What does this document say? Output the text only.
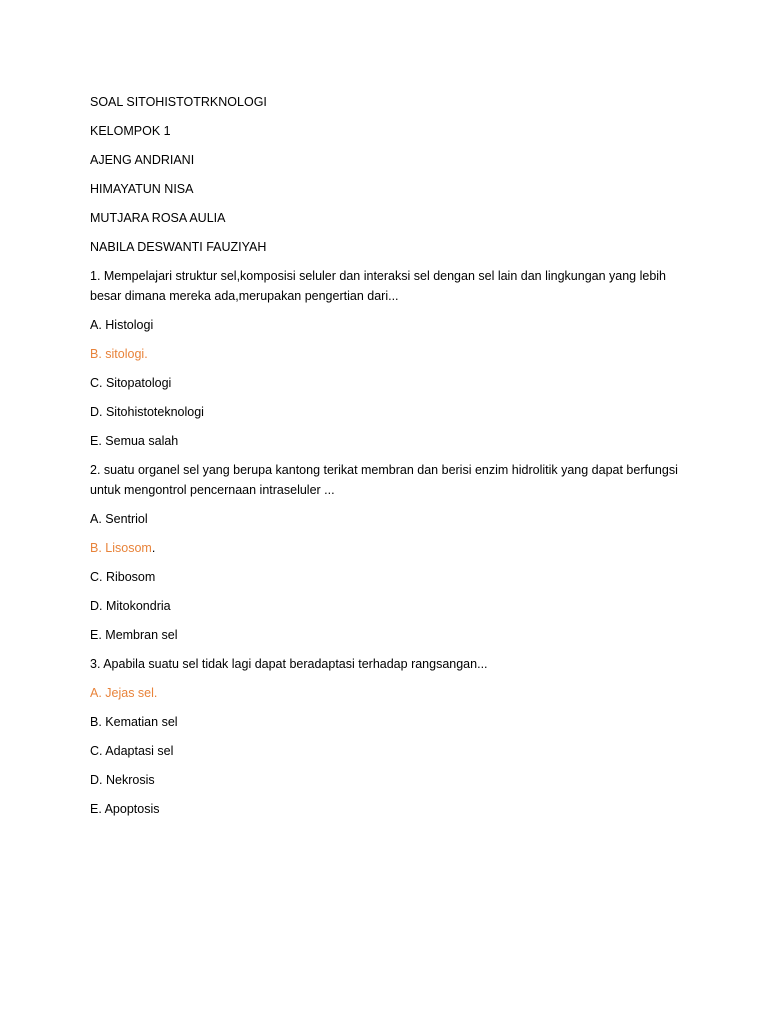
SOAL SITOHISTOTRKNOLOGI
KELOMPOK 1
AJENG ANDRIANI
HIMAYATUN NISA
MUTJARA ROSA AULIA
NABILA DESWANTI FAUZIYAH
1. Mempelajari struktur sel,komposisi seluler dan interaksi sel dengan sel lain dan lingkungan yang lebih besar dimana mereka ada,merupakan pengertian dari...
A. Histologi
B. sitologi.
C. Sitopatologi
D. Sitohistoteknologi
E. Semua salah
2. suatu organel sel yang berupa kantong terikat membran dan berisi enzim hidrolitik yang dapat berfungsi untuk mengontrol pencernaan intraseluler ...
A. Sentriol
B. Lisosom.
C. Ribosom
D. Mitokondria
E. Membran sel
3. Apabila suatu sel tidak lagi dapat beradaptasi terhadap rangsangan...
A. Jejas sel.
B. Kematian sel
C. Adaptasi sel
D. Nekrosis
E. Apoptosis
